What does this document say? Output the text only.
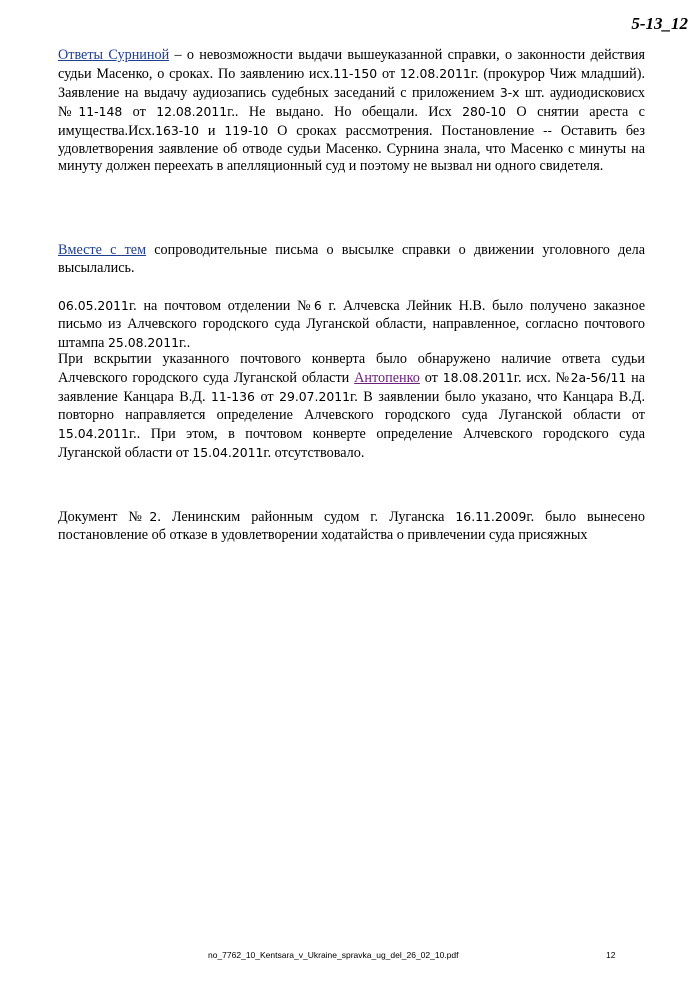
5-13_12

Ответы Сурниной – о невозможности выдачи вышеуказанной справки, о законности действия судьи Масенко, о сроках. По заявлению исх.11-150 от 12.08.2011г. (прокурор Чиж младший). Заявление на выдачу аудиозапись судебных заседаний с приложением 3-х шт. аудиодисковисх №11-148 от 12.08.2011г.. Не выдано. Но обещали. Исх 280-10 О снятии ареста с имущества.Исх.163-10 и 119-10 О сроках рассмотрения. Постановление -- Оставить без удовлетворения заявление об отводе судьи Масенко. Сурнина знала, что Масенко с минуты на минуту должен переехать в апелляционный суд и поэтому не вызвал ни одного свидетеля.

Вместе с тем сопроводительные письма о высылке справки о движении уголовного дела высылались.

06.05.2011г. на почтовом отделении №6 г. Алчевска Лейник Н.В. было получено заказное письмо из Алчевского городского суда Луганской области, направленное, согласно почтового штампа 25.08.2011г..

При вскрытии указанного почтового конверта было обнаружено наличие ответа судьи Алчевского городского суда Луганской области Антопенко от 18.08.2011г. исх. №2а-56/11 на заявление Канцара В.Д. 11-136 от 29.07.2011г. В заявлении было указано, что Канцара В.Д. повторно направляется определение Алчевского городского суда Луганской области от 15.04.2011г.. При этом, в почтовом конверте определение Алчевского городского суда Луганской области от 15.04.2011г. отсутствовало.

Документ №2. Ленинским районным судом г. Луганска 16.11.2009г. было вынесено постановление об отказе в удовлетворении ходатайства о привлечении суда присяжных

no_7762_10_Kentsara_v_Ukraine_spravka_ug_del_26_02_10.pdf	12
